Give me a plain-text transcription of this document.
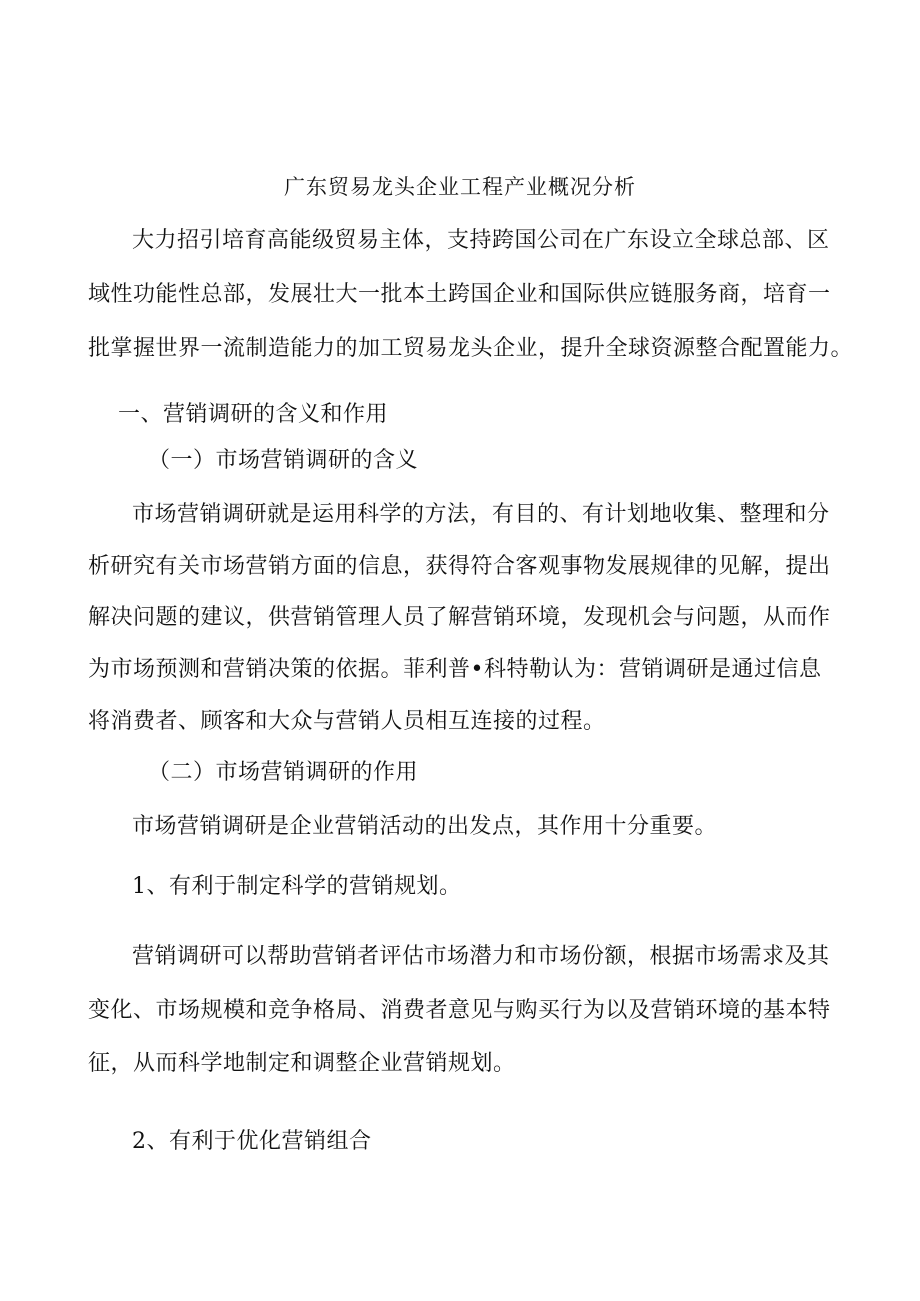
广东贸易龙头企业工程产业概况分析
大力招引培育高能级贸易主体，支持跨国公司在广东设立全球总部、区
域性功能性总部，发展壮大一批本土跨国企业和国际供应链服务商，培育一
批掌握世界一流制造能力的加工贸易龙头企业，提升全球资源整合配置能力。
一、营销调研的含义和作用
（一）市场营销调研的含义
市场营销调研就是运用科学的方法，有目的、有计划地收集、整理和分
析研究有关市场营销方面的信息，获得符合客观事物发展规律的见解，提出
解决问题的建议，供营销管理人员了解营销环境，发现机会与问题，从而作
为市场预测和营销决策的依据。菲利普•科特勒认为：营销调研是通过信息
将消费者、顾客和大众与营销人员相互连接的过程。
（二）市场营销调研的作用
市场营销调研是企业营销活动的出发点，其作用十分重要。
1、有利于制定科学的营销规划。
营销调研可以帮助营销者评估市场潜力和市场份额，根据市场需求及其
变化、市场规模和竞争格局、消费者意见与购买行为以及营销环境的基本特
征，从而科学地制定和调整企业营销规划。
2、有利于优化营销组合
